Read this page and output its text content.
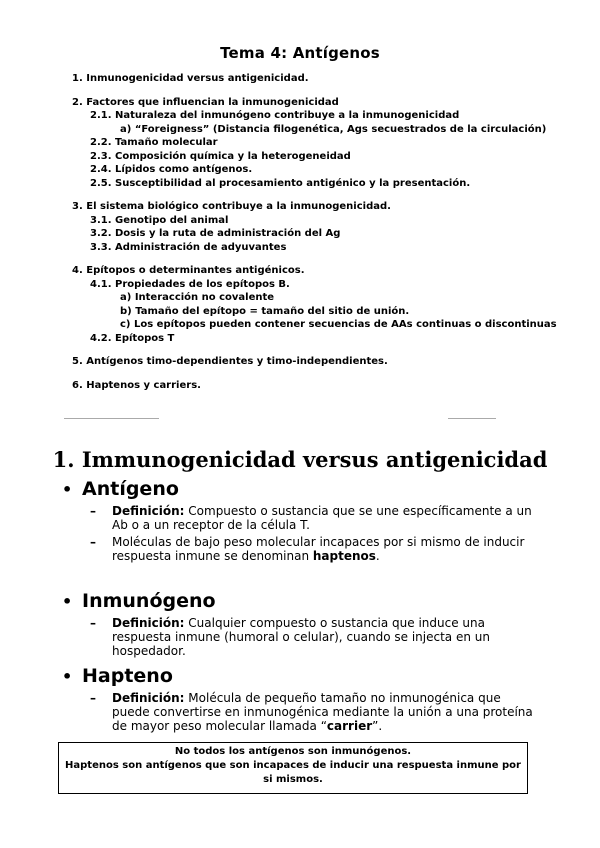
Tema 4: Antígenos
1. Inmunogenicidad versus antigenicidad.
2. Factores que influencian la inmunogenicidad
2.1. Naturaleza del inmunógeno contribuye a la inmunogenicidad
a) “Foreigness” (Distancia filogenética, Ags secuestrados de la circulación)
2.2. Tamaño molecular
2.3. Composición química y la heterogeneidad
2.4. Lípidos como antígenos.
2.5. Susceptibilidad al procesamiento antigénico y la presentación.
3. El sistema biológico contribuye a la inmunogenicidad.
3.1. Genotipo del animal
3.2. Dosis y la ruta de administración del Ag
3.3. Administración de adyuvantes
4. Epítopos o determinantes antigénicos.
4.1. Propiedades de los epítopos B.
a) Interacción no covalente
b) Tamaño del epítopo = tamaño del sitio de unión.
c) Los epítopos pueden contener secuencias de AAs continuas o discontinuas
4.2. Epítopos T
5. Antígenos timo-dependientes y timo-independientes.
6. Haptenos y carriers.
1. Immunogenicidad versus antigenicidad
• Antígeno
–	Definición: Compuesto o sustancia que se une específicamente a un Ab o a un receptor de la célula T.
–	Moléculas de bajo peso molecular incapaces por si mismo de inducir respuesta inmune se denominan haptenos.
• Inmunógeno
–	Definición: Cualquier compuesto o sustancia que induce una respuesta inmune (humoral o celular), cuando se injecta en un hospedador.
• Hapteno
–	Definición: Molécula de pequeño tamaño no inmunogénica que puede convertirse en inmunogénica mediante la unión a una proteína de mayor peso molecular llamada “carrier”.
No todos los antígenos son inmunógenos.
Haptenos son antígenos que son incapaces de inducir una respuesta inmune por si mismos.
